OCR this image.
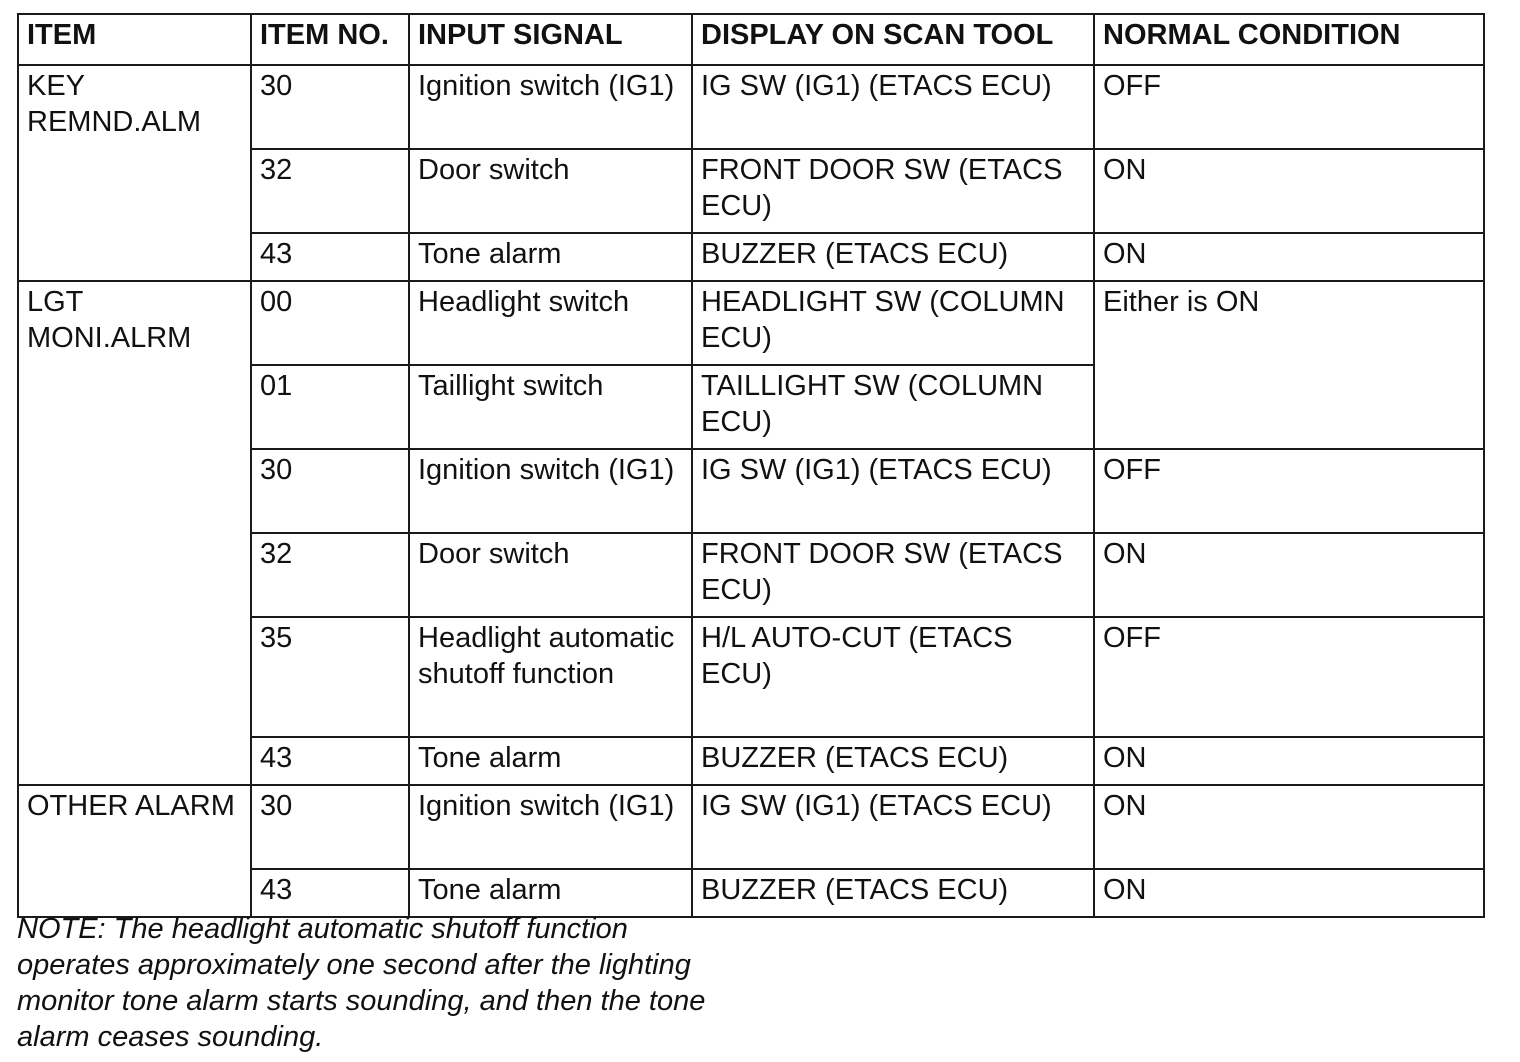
ITEM	ITEM NO.	INPUT SIGNAL	DISPLAY ON SCAN TOOL	NORMAL CONDITION
KEY REMND.ALM	30	Ignition switch (IG1)	IG SW (IG1) (ETACS ECU)	OFF
	32	Door switch	FRONT DOOR SW (ETACS ECU)	ON
	43	Tone alarm	BUZZER (ETACS ECU)	ON
LGT MONI.ALRM	00	Headlight switch	HEADLIGHT SW (COLUMN ECU)	Either is ON
	01	Taillight switch	TAILLIGHT SW (COLUMN ECU)	
	30	Ignition switch (IG1)	IG SW (IG1) (ETACS ECU)	OFF
	32	Door switch	FRONT DOOR SW (ETACS ECU)	ON
	35	Headlight automatic shutoff function	H/L AUTO-CUT (ETACS ECU)	OFF
	43	Tone alarm	BUZZER (ETACS ECU)	ON
OTHER ALARM	30	Ignition switch (IG1)	IG SW (IG1) (ETACS ECU)	ON
	43	Tone alarm	BUZZER (ETACS ECU)	ON

NOTE: The headlight automatic shutoff function operates approximately one second after the lighting monitor tone alarm starts sounding, and then the tone alarm ceases sounding.
